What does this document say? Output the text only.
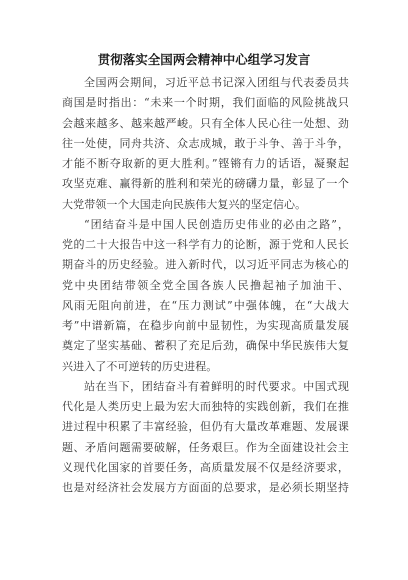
贯彻落实全国两会精神中心组学习发言
全国两会期间，习近平总书记深入团组与代表委员共
商国是时指出：“未来一个时期，我们面临的风险挑战只
会越来越多、越来越严峻。只有全体人民心往一处想、劲
往一处使，同舟共济、众志成城，敢于斗争、善于斗争，
才能不断夺取新的更大胜利。”铿锵有力的话语，凝聚起
攻坚克难、赢得新的胜利和荣光的磅礴力量，彰显了一个
大党带领一个大国走向民族伟大复兴的坚定信心。
“团结奋斗是中国人民创造历史伟业的必由之路”，
党的二十大报告中这一科学有力的论断，源于党和人民长
期奋斗的历史经验。进入新时代，以习近平同志为核心的
党中央团结带领全党全国各族人民撸起袖子加油干、
风雨无阻向前进，在“压力测试”中强体魄，在“大战大
考”中谱新篇，在稳步向前中显韧性，为实现高质量发展
奠定了坚实基础、蓄积了充足后劲，确保中华民族伟大复
兴进入了不可逆转的历史进程。
站在当下，团结奋斗有着鲜明的时代要求。中国式现
代化是人类历史上最为宏大而独特的实践创新，我们在推
进过程中积累了丰富经验，但仍有大量改革难题、发展课
题、矛盾问题需要破解，任务艰巨。作为全面建设社会主
义现代化国家的首要任务，高质量发展不仅是经济要求，
也是对经济社会发展方方面面的总要求，是必须长期坚持
